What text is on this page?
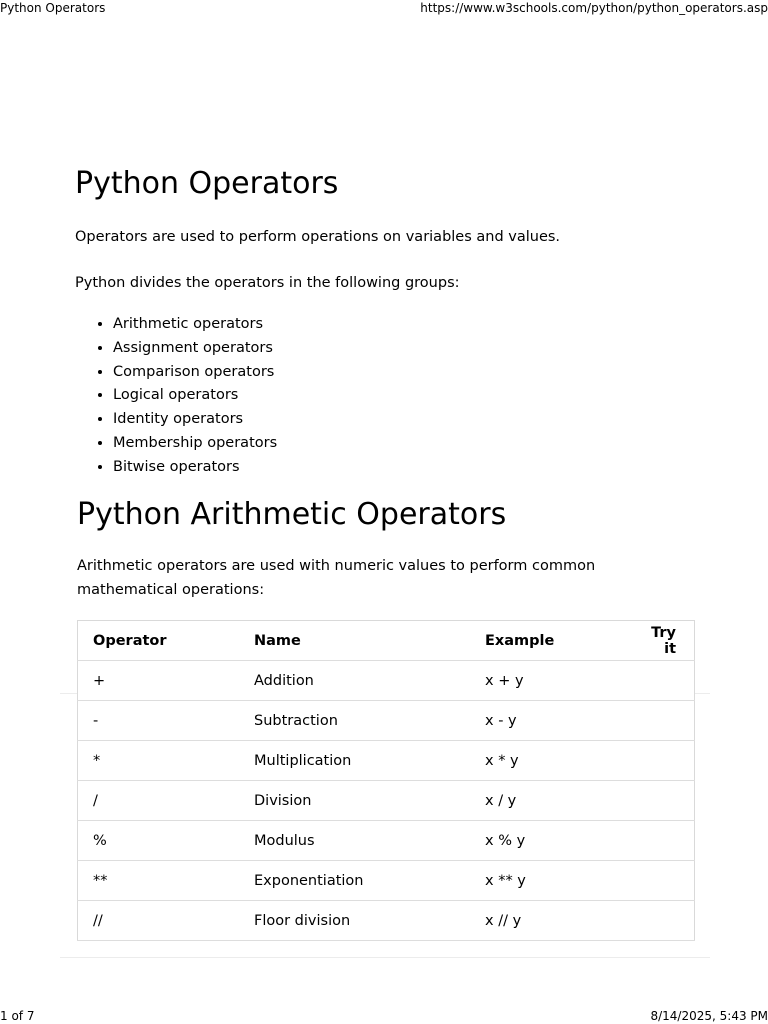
Python Operators	https://www.w3schools.com/python/python_operators.asp
Python Operators

Operators are used to perform operations on variables and values.

Python divides the operators in the following groups:

• Arithmetic operators
• Assignment operators
• Comparison operators
• Logical operators
• Identity operators
• Membership operators
• Bitwise operators
Python Arithmetic Operators

Arithmetic operators are used with numeric values to perform common mathematical operations:

Operator	Name	Example	Try it
+	Addition	x + y	
-	Subtraction	x - y	
*	Multiplication	x * y	
/	Division	x / y	
%	Modulus	x % y	
**	Exponentiation	x ** y	
//	Floor division	x // y	
1 of 7	8/14/2025, 5:43 PM
